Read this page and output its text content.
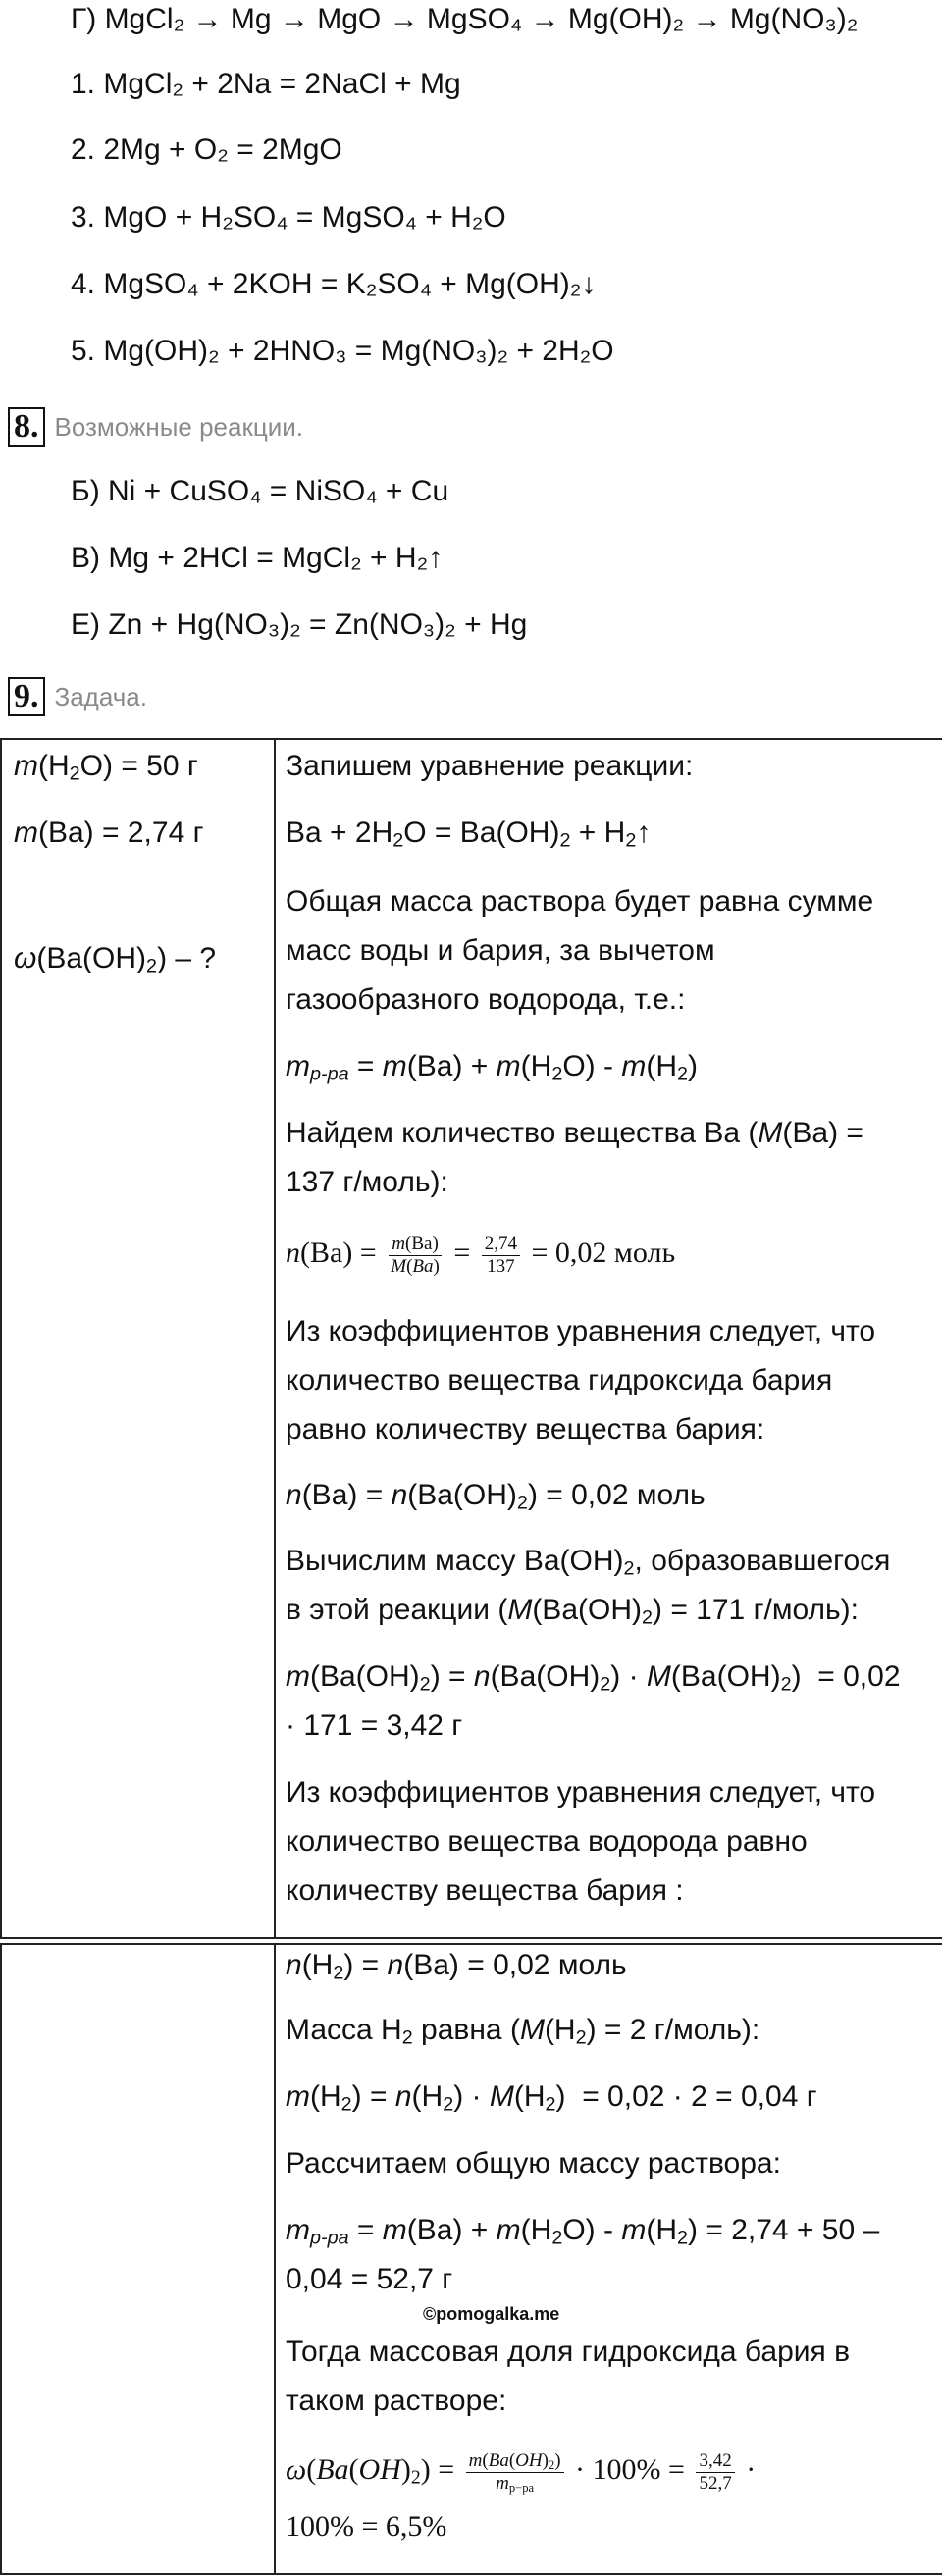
Г) MgCl₂ → Mg → MgO → MgSO₄ → Mg(OH)₂ → Mg(NO₃)₂
1. MgCl₂ + 2Na = 2NaCl + Mg
2. 2Mg + O₂ = 2MgO
3. MgO + H₂SO₄ = MgSO₄ + H₂O
4. MgSO₄ + 2KOH = K₂SO₄ + Mg(OH)₂↓
5. Mg(OH)₂ + 2HNO₃ = Mg(NO₃)₂ + 2H₂O
8. Возможные реакции.
Б) Ni + CuSO₄ = NiSO₄ + Cu
В) Mg + 2HCl = MgCl₂ + H₂↑
Е) Zn + Hg(NO₃)₂ = Zn(NO₃)₂ + Hg
9. Задача.
$m(H_2O) = 50$ г
m(Ba) = 2,74 г
$\omega(Ba(OH)_2)$ – ?

Запишем уравнение реакции:
$Ba + 2H_2O = Ba(OH)_2$ + $H_2↑$
Общая масса раствора будет равна сумме
масс воды и бария, за вычетом
газообразного водорода, т.е.:
$m_{р-ра} = m(Ba) + m(H_2O) - m(H_2)$
Найдем количество вещества Ba (M(Ba) =
137 г/моль):
$n(Ba) = \frac{m(Ba)}{M(Ba)} = \frac{2,74}{137} = 0,02$ моль
Из коэффициентов уравнения следует, что
количество вещества гидроксида бария
равно количеству вещества бария:
$n(Ba) = n(Ba(OH)_2) = 0,02$ моль
Вычислим массу $Ba(OH)_2$, образовавшегося
в этой реакции ($M(Ba(OH)_2) = 171$ г/моль):
$m(Ba(OH)_2) = n(Ba(OH)_2) \cdot M(Ba(OH)_2) = 0,02$
· 171 = 3,42 г
Из коэффициентов уравнения следует, что
количество вещества водорода равно
количеству вещества бария :

$n(H_2) = n(Ba) = 0,02$ моль
Масса $H_2$ равна ($M(H_2) = 2$ г/моль):
$m(H_2) = n(H_2) \cdot M(H_2) = 0,02 \cdot 2 = 0,04$ г
Рассчитаем общую массу раствора:
$m_{р-ра} = m(Ba) + m(H_2O) - m(H_2) = 2,74 + 50$ –
0,04 = 52,7 г
©pomogalka.me
Тогда массовая доля гидроксида бария в
таком растворе:
$\omega(Ba(OH)_2) = \frac{m(Ba(OH)_2)}{m_{р-ра}} \cdot 100\% = \frac{3,42}{52,7}$ ·
100% = 6,5%
